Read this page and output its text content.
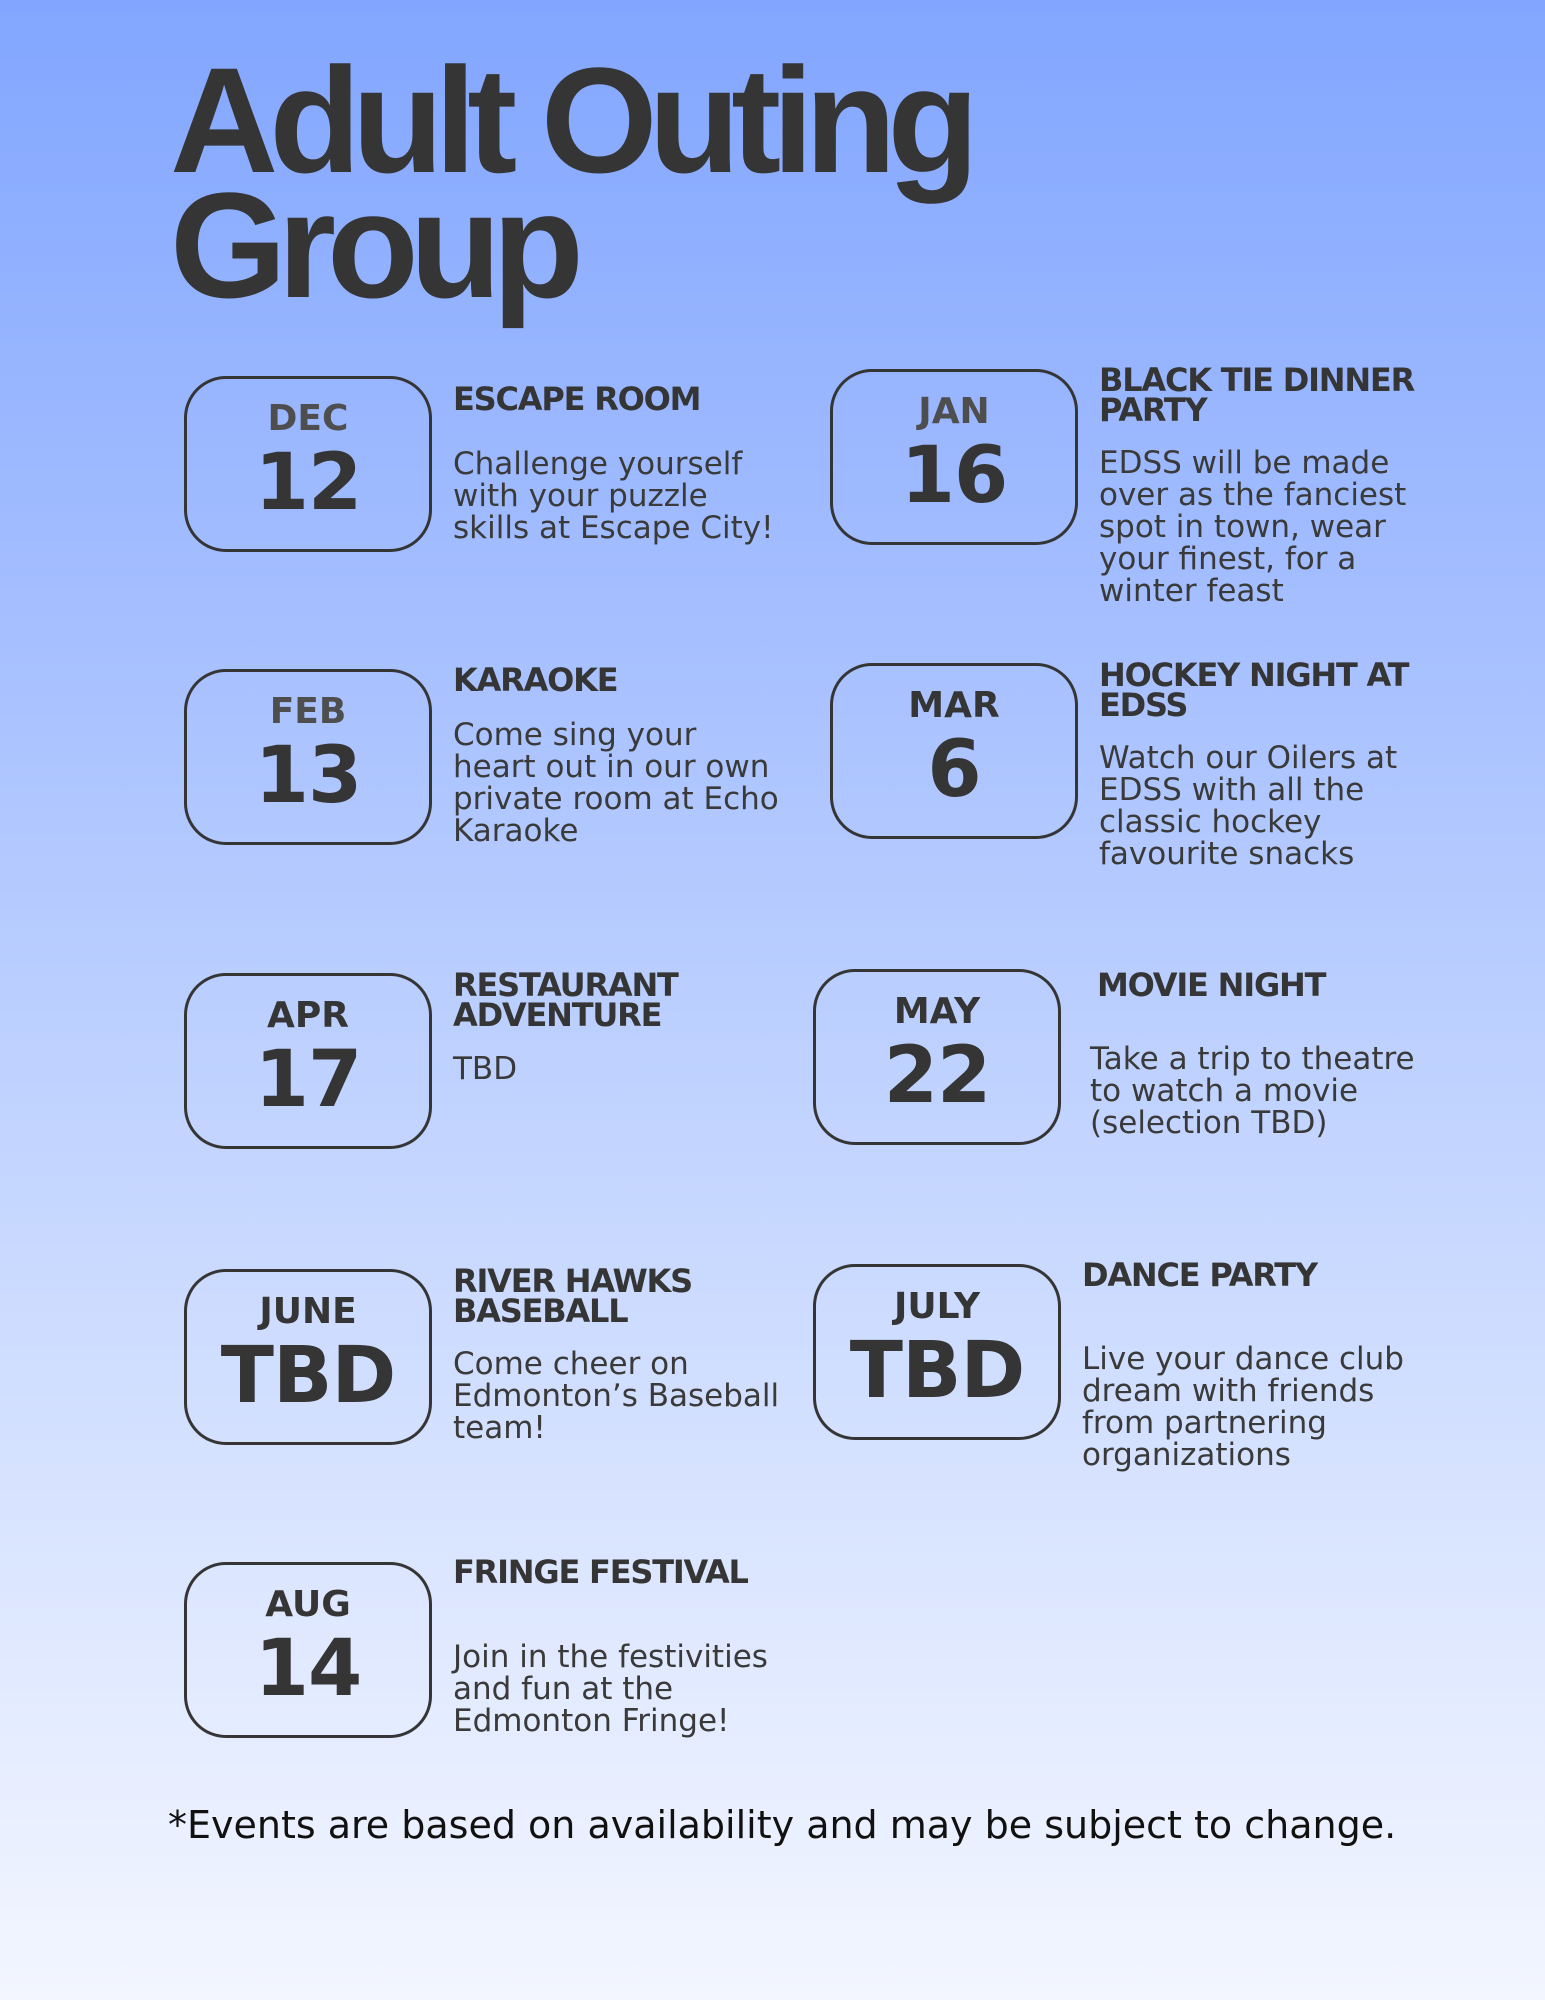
Adult Outing
Group
DEC
12
ESCAPE ROOM
Challenge yourself
with your puzzle
skills at Escape City!
JAN
16
BLACK TIE DINNER
PARTY
EDSS will be made
over as the fanciest
spot in town, wear
your finest, for a
winter feast
FEB
13
KARAOKE
Come sing your
heart out in our own
private room at Echo
Karaoke
MAR
6
HOCKEY NIGHT AT
EDSS
Watch our Oilers at
EDSS with all the
classic hockey
favourite snacks
APR
17
RESTAURANT
ADVENTURE
TBD
MAY
22
MOVIE NIGHT
Take a trip to theatre
to watch a movie
(selection TBD)
JUNE
TBD
RIVER HAWKS
BASEBALL
Come cheer on
Edmonton’s Baseball
team!
JULY
TBD
DANCE PARTY
Live your dance club
dream with friends
from partnering
organizations
AUG
14
FRINGE FESTIVAL
Join in the festivities
and fun at the
Edmonton Fringe!

*Events are based on availability and may be subject to change.
